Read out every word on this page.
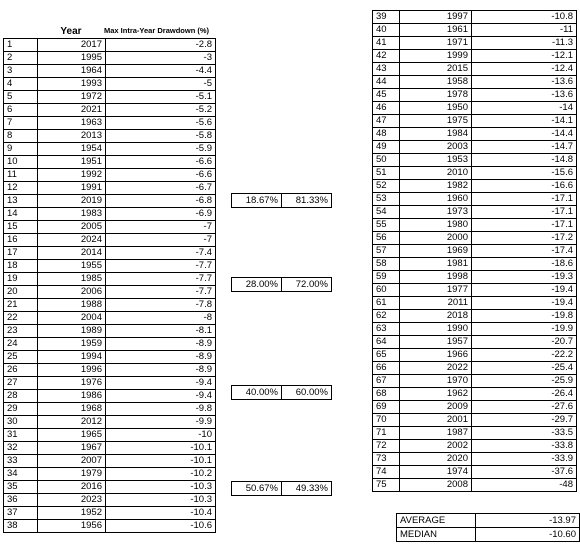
Year	Max Intra-Year Drawdown (%)
1	2017	-2.8
2	1995	-3
3	1964	-4.4
4	1993	-5
5	1972	-5.1
6	2021	-5.2
7	1963	-5.6
8	2013	-5.8
9	1954	-5.9
10	1951	-6.6
11	1992	-6.6
12	1991	-6.7
13	2019	-6.8
14	1983	-6.9
15	2005	-7
16	2024	-7
17	2014	-7.4
18	1955	-7.7
19	1985	-7.7
20	2006	-7.7
21	1988	-7.8
22	2004	-8
23	1989	-8.1
24	1959	-8.9
25	1994	-8.9
26	1996	-8.9
27	1976	-9.4
28	1986	-9.4
29	1968	-9.8
30	2012	-9.9
31	1965	-10
32	1967	-10.1
33	2007	-10.1
34	1979	-10.2
35	2016	-10.3
36	2023	-10.3
37	1952	-10.4
38	1956	-10.6
39	1997	-10.8
40	1961	-11
41	1971	-11.3
42	1999	-12.1
43	2015	-12.4
44	1958	-13.6
45	1978	-13.6
46	1950	-14
47	1975	-14.1
48	1984	-14.4
49	2003	-14.7
50	1953	-14.8
51	2010	-15.6
52	1982	-16.6
53	1960	-17.1
54	1973	-17.1
55	1980	-17.1
56	2000	-17.2
57	1969	-17.4
58	1981	-18.6
59	1998	-19.3
60	1977	-19.4
61	2011	-19.4
62	2018	-19.8
63	1990	-19.9
64	1957	-20.7
65	1966	-22.2
66	2022	-25.4
67	1970	-25.9
68	1962	-26.4
69	2009	-27.6
70	2001	-29.7
71	1987	-33.5
72	2002	-33.8
73	2020	-33.9
74	1974	-37.6
75	2008	-48
18.67%	81.33%
28.00%	72.00%
40.00%	60.00%
50.67%	49.33%
AVERAGE	-13.97
MEDIAN	-10.60
